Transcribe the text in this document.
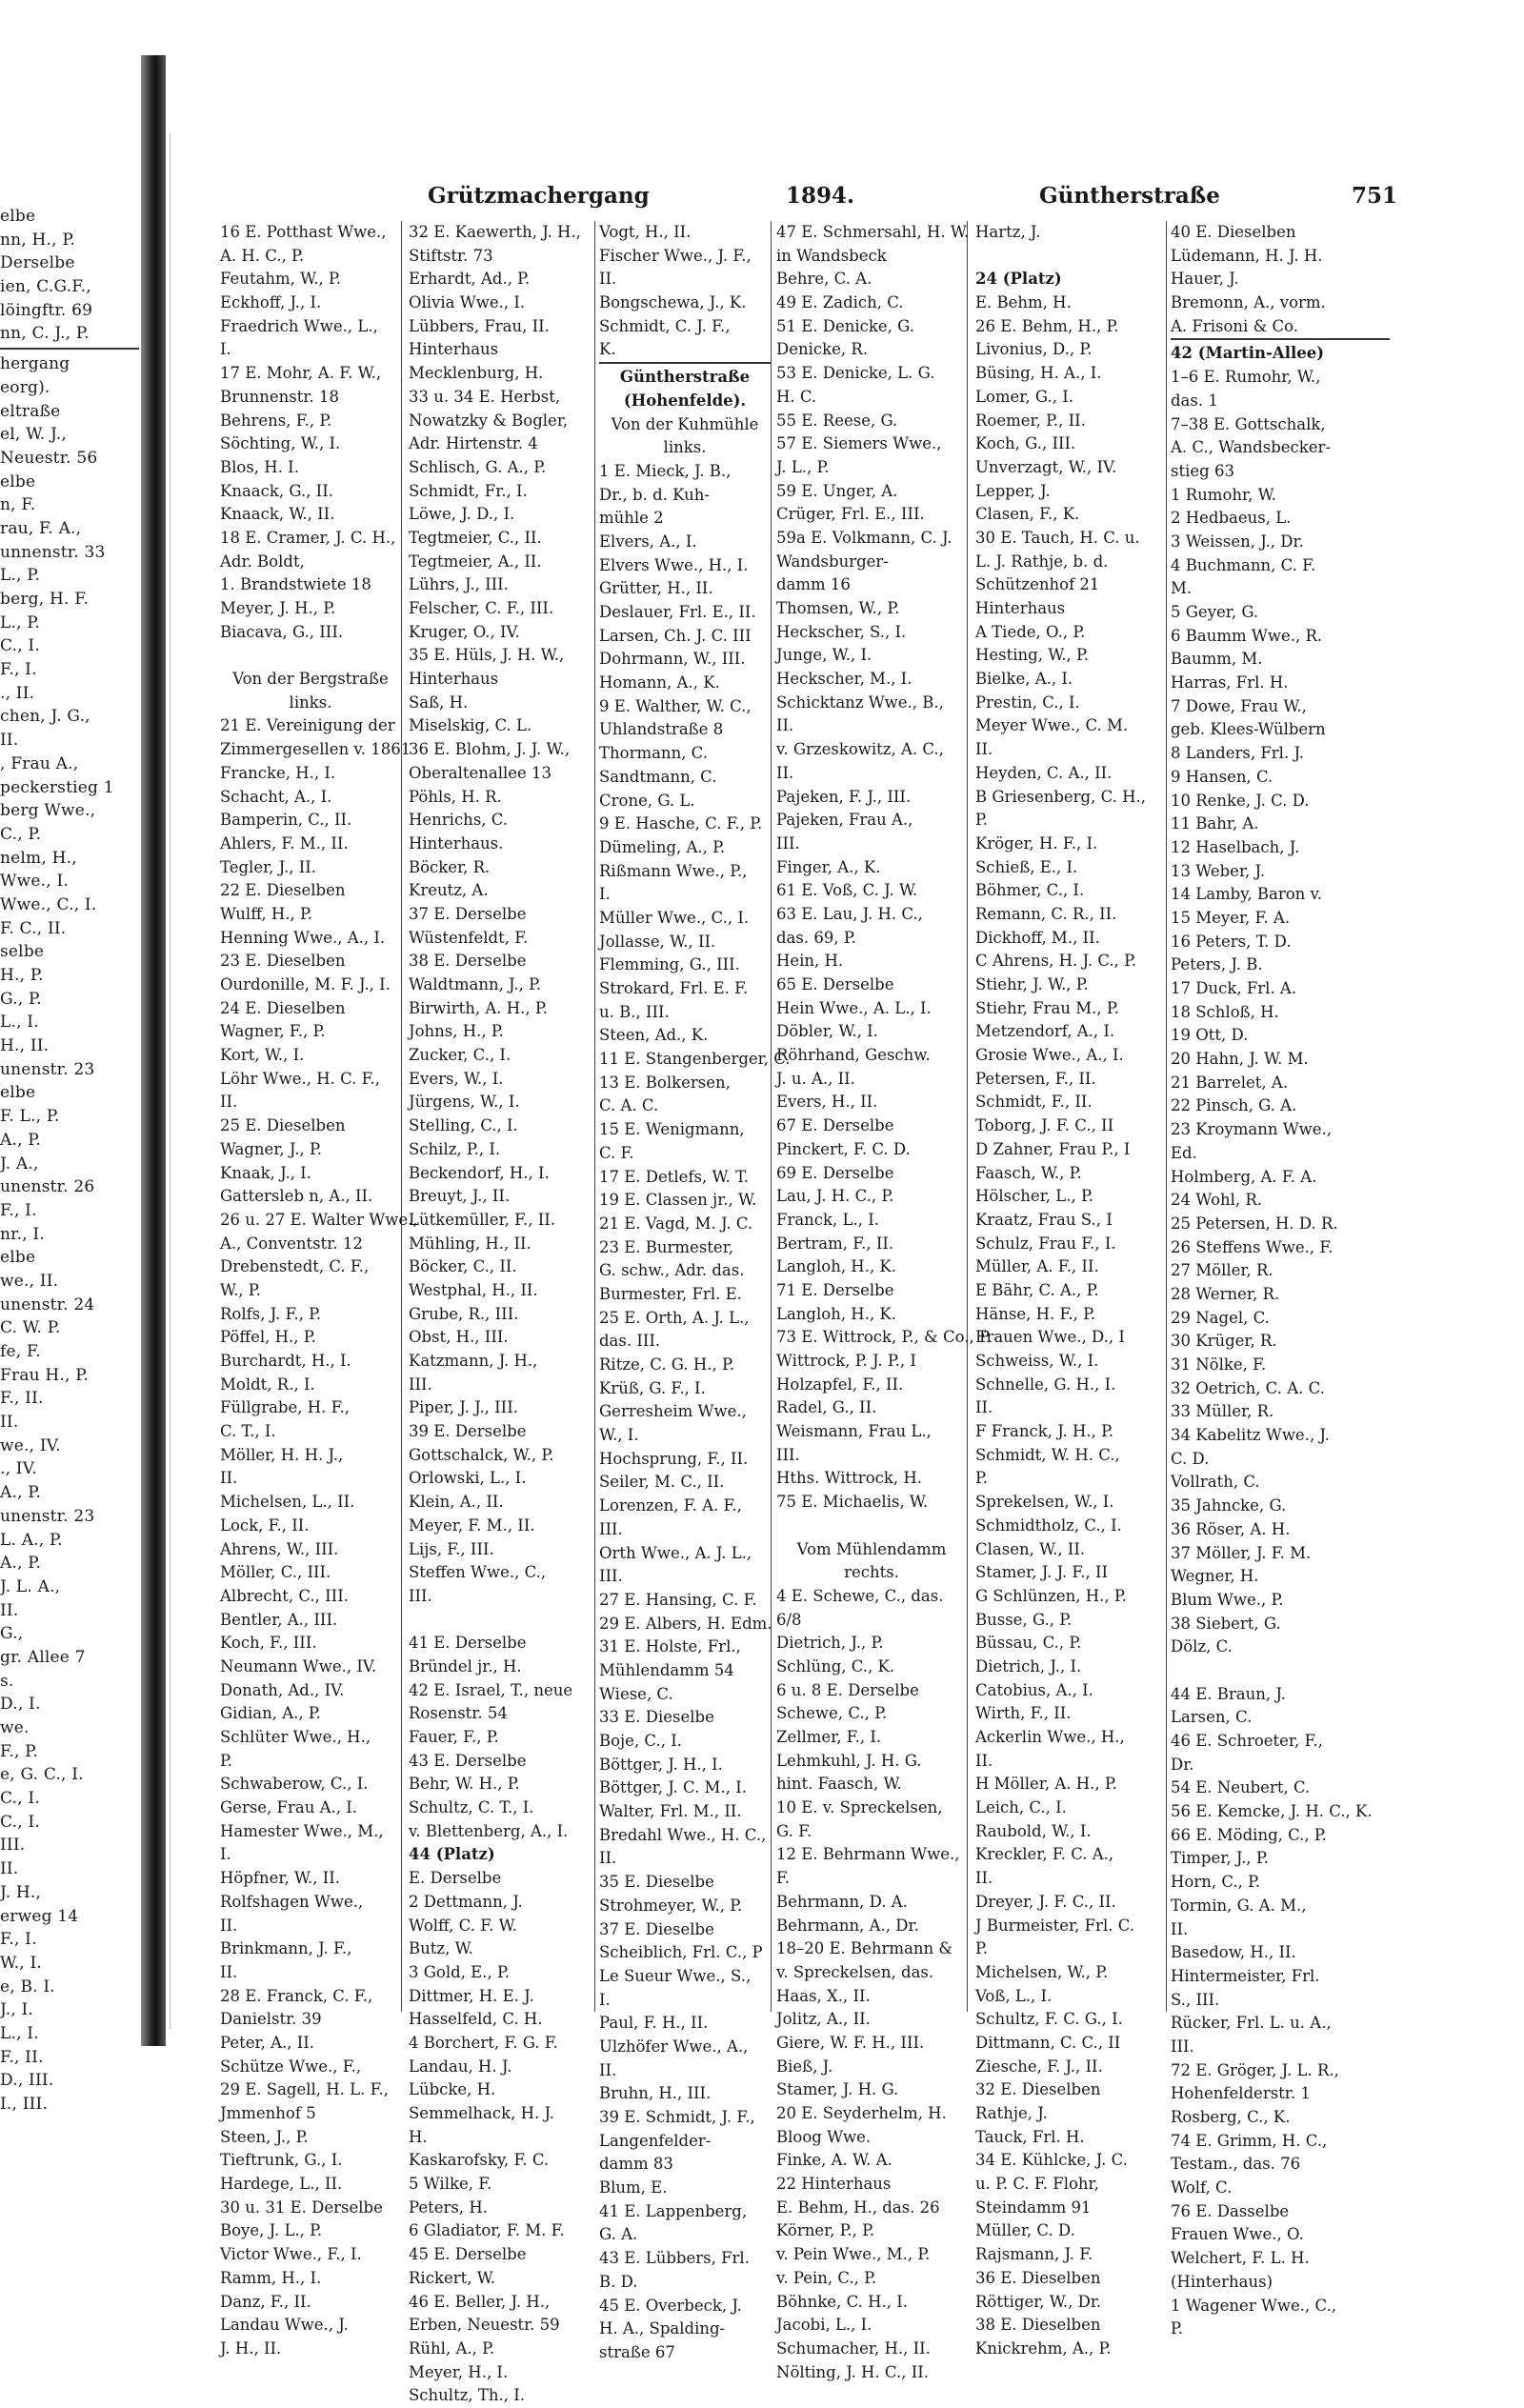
elbe
nn, H., P.
Derselbe
ien, C.G.F.,
löingftr. 69
nn, C. J., P.
hergang
eorg).
eltraße
el, W. J.,
Neuestr. 56
elbe
n, F.
rau, F. A.,
unnenstr. 33
L., P.
berg, H. F.
L., P.
C., I.
F., I.
., II.
chen, J. G.,
II.
, Frau A.,
peckerstieg 1
berg Wwe.,
C., P.
nelm, H.,
Wwe., I.
Wwe., C., I.
F. C., II.
selbe
H., P.
G., P.
L., I.
H., II.
unenstr. 23
elbe
F. L., P.
A., P.
J. A.,
unenstr. 26
F., I.
nr., I.
elbe
we., II.
unenstr. 24
C. W. P.
fe, F.
Frau H., P.
F., II.
II.
we., IV.
., IV.
A., P.
unenstr. 23
L. A., P.
A., P.
J. L. A.,
II.
G.,
gr. Allee 7
s.
D., I.
we.
F., P.
e, G. C., I.
C., I.
C., I.
III.
II.
J. H.,
erweg 14
F., I.
W., I.
e, B. I.
J., I.
L., I.
F., II.
D., III.
I., III.
Grützmachergang	1894.	Güntherstraße	751
16 E. Potthast Wwe.,
A. H. C., P.
Feutahm, W., P.
Eckhoff, J., I.
Fraedrich Wwe., L.,
I.
17 E. Mohr, A. F. W.,
Brunnenstr. 18
Behrens, F., P.
Söchting, W., I.
Blos, H. I.
Knaack, G., II.
Knaack, W., II.
18 E. Cramer, J. C. H.,
Adr. Boldt,
1. Brandstwiete 18
Meyer, J. H., P.
Biacava, G., III.
Von der Bergstraße
links.
21 E. Vereinigung der
Zimmergesellen v. 1861
Francke, H., I.
Schacht, A., I.
Bamperin, C., II.
Ahlers, F. M., II.
Tegler, J., II.
22 E. Dieselben
Wulff, H., P.
Henning Wwe., A., I.
23 E. Dieselben
Ourdonille, M. F. J., I.
24 E. Dieselben
Wagner, F., P.
Kort, W., I.
Löhr Wwe., H. C. F.,
II.
25 E. Dieselben
Wagner, J., P.
Knaak, J., I.
Gattersleb n, A., II.
26 u. 27 E. Walter Wwe.,
A., Conventstr. 12
Drebenstedt, C. F.,
W., P.
Rolfs, J. F., P.
Pöffel, H., P.
Burchardt, H., I.
Moldt, R., I.
Füllgrabe, H. F.,
C. T., I.
Möller, H. H. J.,
II.
Michelsen, L., II.
Lock, F., II.
Ahrens, W., III.
Möller, C., III.
Albrecht, C., III.
Bentler, A., III.
Koch, F., III.
Neumann Wwe., IV.
Donath, Ad., IV.
Gidian, A., P.
Schlüter Wwe., H.,
P.
Schwaberow, C., I.
Gerse, Frau A., I.
Hamester Wwe., M.,
I.
Höpfner, W., II.
Rolfshagen Wwe.,
II.
Brinkmann, J. F.,
II.
28 E. Franck, C. F.,
Danielstr. 39
Peter, A., II.
Schütze Wwe., F.,
29 E. Sagell, H. L. F.,
Jmmenhof 5
Steen, J., P.
Tieftrunk, G., I.
Hardege, L., II.
30 u. 31 E. Derselbe
Boye, J. L., P.
Victor Wwe., F., I.
Ramm, H., I.
Danz, F., II.
Landau Wwe., J.
J. H., II.
32 E. Kaewerth, J. H.,
Stiftstr. 73
Erhardt, Ad., P.
Olivia Wwe., I.
Lübbers, Frau, II.
Hinterhaus
Mecklenburg, H.
33 u. 34 E. Herbst,
Nowatzky & Bogler,
Adr. Hirtenstr. 4
Schlisch, G. A., P.
Schmidt, Fr., I.
Löwe, J. D., I.
Tegtmeier, C., II.
Tegtmeier, A., II.
Lührs, J., III.
Felscher, C. F., III.
Kruger, O., IV.
35 E. Hüls, J. H. W.,
Hinterhaus
Saß, H.
Miselskig, C. L.
36 E. Blohm, J. J. W.,
Oberaltenallee 13
Pöhls, H. R.
Henrichs, C.
Hinterhaus.
Böcker, R.
Kreutz, A.
37 E. Derselbe
Wüstenfeldt, F.
38 E. Derselbe
Waldtmann, J., P.
Birwirth, A. H., P.
Johns, H., P.
Zucker, C., I.
Evers, W., I.
Jürgens, W., I.
Stelling, C., I.
Schilz, P., I.
Beckendorf, H., I.
Breuyt, J., II.
Lütkemüller, F., II.
Mühling, H., II.
Böcker, C., II.
Westphal, H., II.
Grube, R., III.
Obst, H., III.
Katzmann, J. H.,
III.
Piper, J. J., III.
39 E. Derselbe
Gottschalck, W., P.
Orlowski, L., I.
Klein, A., II.
Meyer, F. M., II.
Lijs, F., III.
Steffen Wwe., C.,
III.
41 E. Derselbe
Bründel jr., H.
42 E. Israel, T., neue
Rosenstr. 54
Fauer, F., P.
43 E. Derselbe
Behr, W. H., P.
Schultz, C. T., I.
v. Blettenberg, A., I.
44 (Platz)
E. Derselbe
2 Dettmann, J.
Wolff, C. F. W.
Butz, W.
3 Gold, E., P.
Dittmer, H. E. J.
Hasselfeld, C. H.
4 Borchert, F. G. F.
Landau, H. J.
Lübcke, H.
Semmelhack, H. J.
H.
Kaskarofsky, F. C.
5 Wilke, F.
Peters, H.
6 Gladiator, F. M. F.
45 E. Derselbe
Rickert, W.
46 E. Beller, J. H.,
Erben, Neuestr. 59
Rühl, A., P.
Meyer, H., I.
Schultz, Th., I.
Vogt, H., II.
Fischer Wwe., J. F.,
II.
Bongschewa, J., K.
Schmidt, C. J. F.,
K.
Güntherstraße
(Hohenfelde).
Von der Kuhmühle
links.
1 E. Mieck, J. B.,
Dr., b. d. Kuh-
mühle 2
Elvers, A., I.
Elvers Wwe., H., I.
Grütter, H., II.
Deslauer, Frl. E., II.
Larsen, Ch. J. C. III
Dohrmann, W., III.
Homann, A., K.
9 E. Walther, W. C.,
Uhlandstraße 8
Thormann, C.
Sandtmann, C.
Crone, G. L.
9 E. Hasche, C. F., P.
Dümeling, A., P.
Rißmann Wwe., P.,
I.
Müller Wwe., C., I.
Jollasse, W., II.
Flemming, G., III.
Strokard, Frl. E. F.
u. B., III.
Steen, Ad., K.
11 E. Stangenberger, C.
13 E. Bolkersen,
C. A. C.
15 E. Wenigmann,
C. F.
17 E. Detlefs, W. T.
19 E. Classen jr., W.
21 E. Vagd, M. J. C.
23 E. Burmester,
G. schw., Adr. das.
Burmester, Frl. E.
25 E. Orth, A. J. L.,
das. III.
Ritze, C. G. H., P.
Krüß, G. F., I.
Gerresheim Wwe.,
W., I.
Hochsprung, F., II.
Seiler, M. C., II.
Lorenzen, F. A. F.,
III.
Orth Wwe., A. J. L.,
III.
27 E. Hansing, C. F.
29 E. Albers, H. Edm.
31 E. Holste, Frl.,
Mühlendamm 54
Wiese, C.
33 E. Dieselbe
Boje, C., I.
Böttger, J. H., I.
Böttger, J. C. M., I.
Walter, Frl. M., II.
Bredahl Wwe., H. C.,
II.
35 E. Dieselbe
Strohmeyer, W., P.
37 E. Dieselbe
Scheiblich, Frl. C., P
Le Sueur Wwe., S.,
I.
Paul, F. H., II.
Ulzhöfer Wwe., A.,
II.
Bruhn, H., III.
39 E. Schmidt, J. F.,
Langenfelder-
damm 83
Blum, E.
41 E. Lappenberg,
G. A.
43 E. Lübbers, Frl.
B. D.
45 E. Overbeck, J.
H. A., Spalding-
straße 67
47 E. Schmersahl, H. W.
in Wandsbeck
Behre, C. A.
49 E. Zadich, C.
51 E. Denicke, G.
Denicke, R.
53 E. Denicke, L. G.
H. C.
55 E. Reese, G.
57 E. Siemers Wwe.,
J. L., P.
59 E. Unger, A.
Crüger, Frl. E., III.
59a E. Volkmann, C. J.
Wandsburger-
damm 16
Thomsen, W., P.
Heckscher, S., I.
Junge, W., I.
Heckscher, M., I.
Schicktanz Wwe., B.,
II.
v. Grzeskowitz, A. C.,
II.
Pajeken, F. J., III.
Pajeken, Frau A.,
III.
Finger, A., K.
61 E. Voß, C. J. W.
63 E. Lau, J. H. C.,
das. 69, P.
Hein, H.
65 E. Derselbe
Hein Wwe., A. L., I.
Döbler, W., I.
Röhrhand, Geschw.
J. u. A., II.
Evers, H., II.
67 E. Derselbe
Pinckert, F. C. D.
69 E. Derselbe
Lau, J. H. C., P.
Franck, L., I.
Bertram, F., II.
Langloh, H., K.
71 E. Derselbe
Langloh, H., K.
73 E. Wittrock, P., & Co., P.
Wittrock, P. J. P., I
Holzapfel, F., II.
Radel, G., II.
Weismann, Frau L.,
III.
Hths. Wittrock, H.
75 E. Michaelis, W.
Vom Mühlendamm
rechts.
4 E. Schewe, C., das.
6/8
Dietrich, J., P.
Schlüng, C., K.
6 u. 8 E. Derselbe
Schewe, C., P.
Zellmer, F., I.
Lehmkuhl, J. H. G.
hint. Faasch, W.
10 E. v. Spreckelsen,
G. F.
12 E. Behrmann Wwe.,
F.
Behrmann, D. A.
Behrmann, A., Dr.
18–20 E. Behrmann &
v. Spreckelsen, das.
Haas, X., II.
Jolitz, A., II.
Giere, W. F. H., III.
Bieß, J.
Stamer, J. H. G.
20 E. Seyderhelm, H.
Bloog Wwe.
Finke, A. W. A.
22 Hinterhaus
E. Behm, H., das. 26
Körner, P., P.
v. Pein Wwe., M., P.
v. Pein, C., P.
Böhnke, C. H., I.
Jacobi, L., I.
Schumacher, H., II.
Nölting, J. H. C., II.
Hartz, J.
24 (Platz)
E. Behm, H.
26 E. Behm, H., P.
Livonius, D., P.
Büsing, H. A., I.
Lomer, G., I.
Roemer, P., II.
Koch, G., III.
Unverzagt, W., IV.
Lepper, J.
Clasen, F., K.
30 E. Tauch, H. C. u.
L. J. Rathje, b. d.
Schützenhof 21
Hinterhaus
A Tiede, O., P.
Hesting, W., P.
Bielke, A., I.
Prestin, C., I.
Meyer Wwe., C. M.
II.
Heyden, C. A., II.
B Griesenberg, C. H.,
P.
Kröger, H. F., I.
Schieß, E., I.
Böhmer, C., I.
Remann, C. R., II.
Dickhoff, M., II.
C Ahrens, H. J. C., P.
Stiehr, J. W., P.
Stiehr, Frau M., P.
Metzendorf, A., I.
Grosie Wwe., A., I.
Petersen, F., II.
Schmidt, F., II.
Toborg, J. F. C., II
D Zahner, Frau P., I
Faasch, W., P.
Hölscher, L., P.
Kraatz, Frau S., I
Schulz, Frau F., I.
Müller, A. F., II.
E Bähr, C. A., P.
Hänse, H. F., P.
Frauen Wwe., D., I
Schweiss, W., I.
Schnelle, G. H., I.
II.
F Franck, J. H., P.
Schmidt, W. H. C.,
P.
Sprekelsen, W., I.
Schmidtholz, C., I.
Clasen, W., II.
Stamer, J. J. F., II
G Schlünzen, H., P.
Busse, G., P.
Büssau, C., P.
Dietrich, J., I.
Catobius, A., I.
Wirth, F., II.
Ackerlin Wwe., H.,
II.
H Möller, A. H., P.
Leich, C., I.
Raubold, W., I.
Kreckler, F. C. A.,
II.
Dreyer, J. F. C., II.
J Burmeister, Frl. C.
P.
Michelsen, W., P.
Voß, L., I.
Schultz, F. C. G., I.
Dittmann, C. C., II
Ziesche, F. J., II.
32 E. Dieselben
Rathje, J.
Tauck, Frl. H.
34 E. Kühlcke, J. C.
u. P. C. F. Flohr,
Steindamm 91
Müller, C. D.
Rajsmann, J. F.
36 E. Dieselben
Röttiger, W., Dr.
38 E. Dieselben
Knickrehm, A., P.
40 E. Dieselben
Lüdemann, H. J. H.
Hauer, J.
Bremonn, A., vorm.
A. Frisoni & Co.
42 (Martin-Allee)
1–6 E. Rumohr, W.,
das. 1
7–38 E. Gottschalk,
A. C., Wandsbecker-
stieg 63
1 Rumohr, W.
2 Hedbaeus, L.
3 Weissen, J., Dr.
4 Buchmann, C. F.
M.
5 Geyer, G.
6 Baumm Wwe., R.
Baumm, M.
Harras, Frl. H.
7 Dowe, Frau W.,
geb. Klees-Wülbern
8 Landers, Frl. J.
9 Hansen, C.
10 Renke, J. C. D.
11 Bahr, A.
12 Haselbach, J.
13 Weber, J.
14 Lamby, Baron v.
15 Meyer, F. A.
16 Peters, T. D.
Peters, J. B.
17 Duck, Frl. A.
18 Schloß, H.
19 Ott, D.
20 Hahn, J. W. M.
21 Barrelet, A.
22 Pinsch, G. A.
23 Kroymann Wwe.,
Ed.
Holmberg, A. F. A.
24 Wohl, R.
25 Petersen, H. D. R.
26 Steffens Wwe., F.
27 Möller, R.
28 Werner, R.
29 Nagel, C.
30 Krüger, R.
31 Nölke, F.
32 Oetrich, C. A. C.
33 Müller, R.
34 Kabelitz Wwe., J.
C. D.
Vollrath, C.
35 Jahncke, G.
36 Röser, A. H.
37 Möller, J. F. M.
Wegner, H.
Blum Wwe., P.
38 Siebert, G.
Dölz, C.
44 E. Braun, J.
Larsen, C.
46 E. Schroeter, F.,
Dr.
54 E. Neubert, C.
56 E. Kemcke, J. H. C., K.
66 E. Möding, C., P.
Timper, J., P.
Horn, C., P.
Tormin, G. A. M.,
II.
Basedow, H., II.
Hintermeister, Frl.
S., III.
Rücker, Frl. L. u. A.,
III.
72 E. Gröger, J. L. R.,
Hohenfelderstr. 1
Rosberg, C., K.
74 E. Grimm, H. C.,
Testam., das. 76
Wolf, C.
76 E. Dasselbe
Frauen Wwe., O.
Welchert, F. L. H.
(Hinterhaus)
1 Wagener Wwe., C.,
P.
